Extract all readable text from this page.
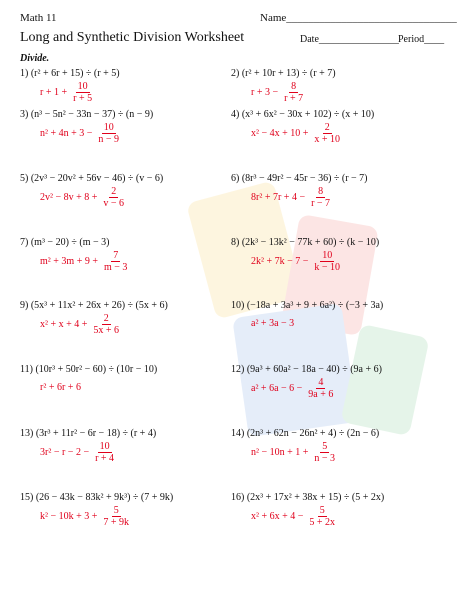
Math 11	Name_______________________________
Long and Synthetic Division Worksheet	Date________________ Period____
Divide.
1) (r² + 6r + 15) ÷ (r + 5)
$r + 1 + \frac{10}{r + 5}$
2) (r² + 10r + 13) ÷ (r + 7)
$r + 3 - \frac{8}{r + 7}$
3) (n³ − 5n² − 33n − 37) ÷ (n − 9)
$n^2 + 4n + 3 - \frac{10}{n - 9}$
4) (x³ + 6x² − 30x + 102) ÷ (x + 10)
$x^2 - 4x + 10 + \frac{2}{x + 10}$
5) (2v³ − 20v² + 56v − 46) ÷ (v − 6)
$2v^2 - 8v + 8 + \frac{2}{v - 6}$
6) (8r³ − 49r² − 45r − 36) ÷ (r − 7)
$8r^2 + 7r + 4 - \frac{8}{r - 7}$
7) (m³ − 20) ÷ (m − 3)
$m^2 + 3m + 9 + \frac{7}{m - 3}$
8) (2k³ − 13k² − 77k + 60) ÷ (k − 10)
$2k^2 + 7k - 7 - \frac{10}{k - 10}$
9) (5x³ + 11x² + 26x + 26) ÷ (5x + 6)
$x^2 + x + 4 + \frac{2}{5x + 6}$
10) (−18a + 3a³ + 9 + 6a²) ÷ (−3 + 3a)
a² + 3a − 3
11) (10r³ + 50r² − 60) ÷ (10r − 10)
r² + 6r + 6
12) (9a³ + 60a² − 18a − 40) ÷ (9a + 6)
$a^2 + 6a - 6 - \frac{4}{9a + 6}$
13) (3r³ + 11r² − 6r − 18) ÷ (r + 4)
$3r^2 - r - 2 - \frac{10}{r + 4}$
14) (2n³ + 62n − 26n² + 4) ÷ (2n − 6)
$n^2 - 10n + 1 + \frac{5}{n - 3}$
15) (26 − 43k − 83k² + 9k³) ÷ (7 + 9k)
$k^2 - 10k + 3 + \frac{5}{7 + 9k}$
16) (2x³ + 17x² + 38x + 15) ÷ (5 + 2x)
$x^2 + 6x + 4 - \frac{5}{5 + 2x}$
